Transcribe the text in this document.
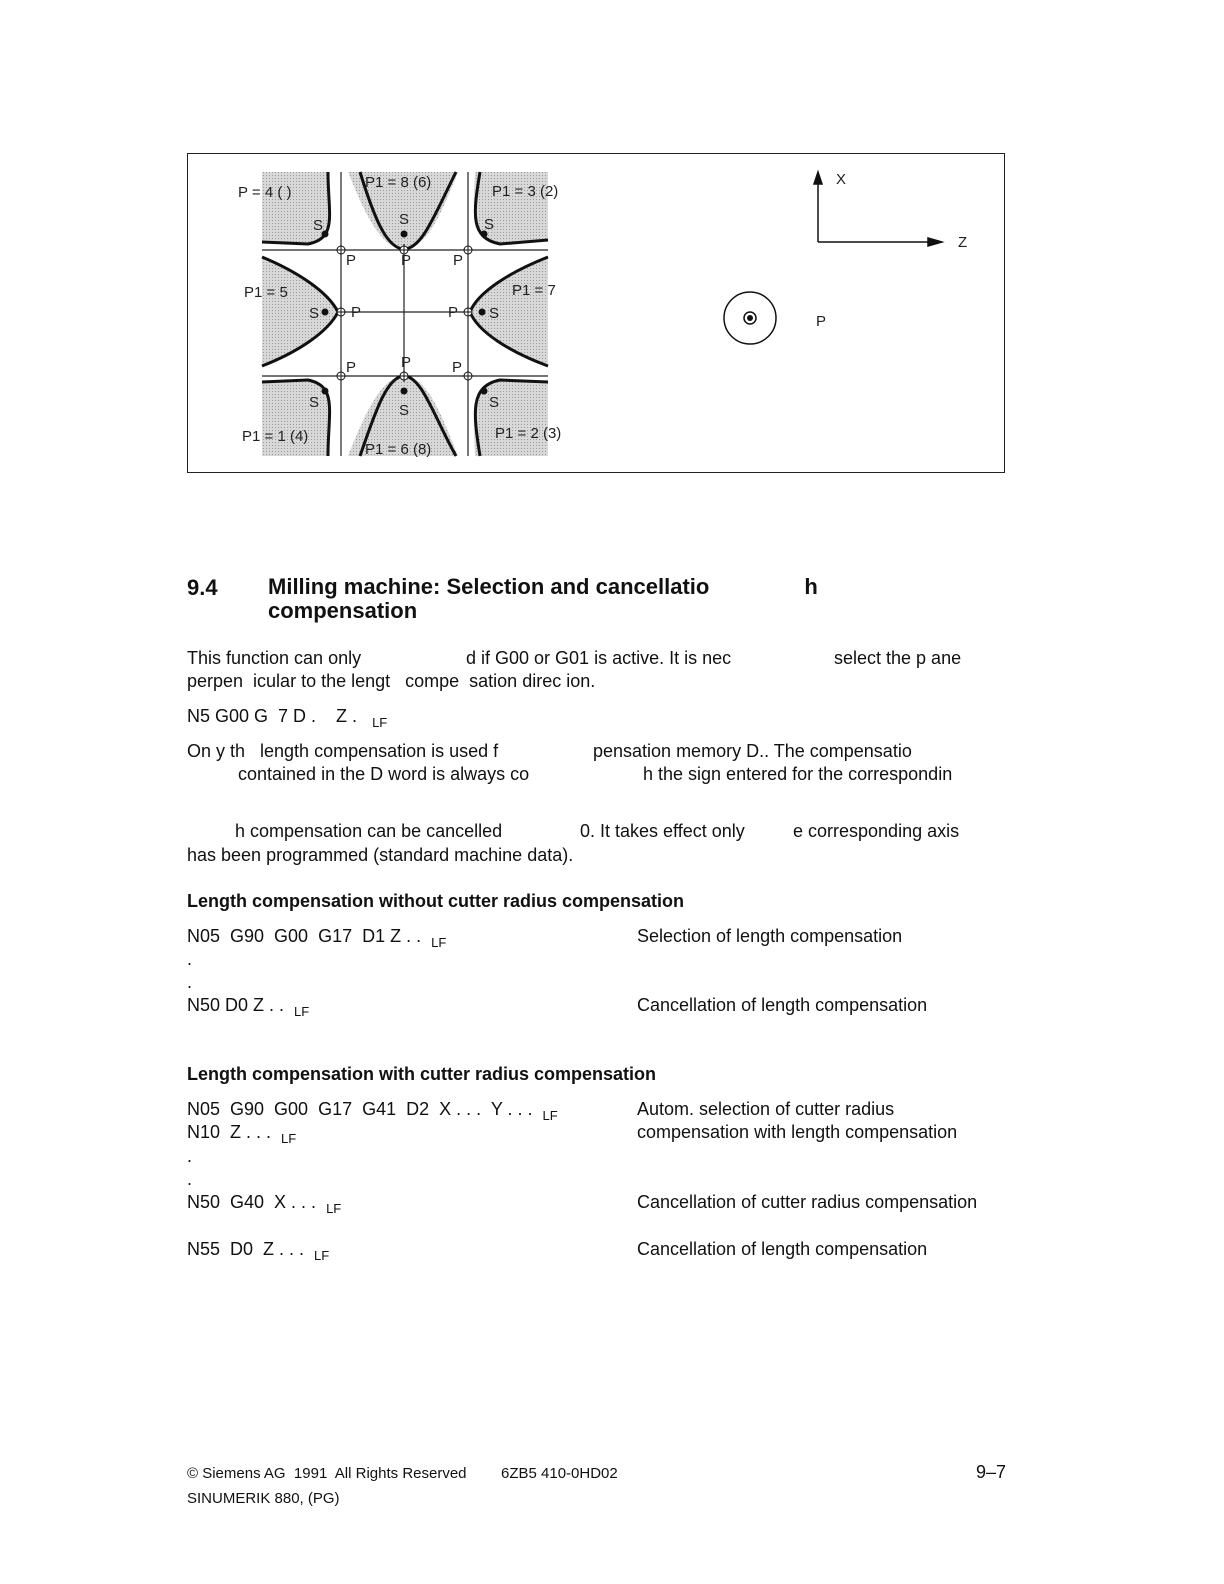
P = 4 ( )
P1 = 8 (6)
P1 = 3 (2)
P1 = 5	P1 = 7
P1 = 1 (4)
P1 = 6 (8)
P1 = 2 (3)
S	S	S
S	S
S	S	S
P	P	P
P	P
P	P	P
X
Z
P
9.4 Milling machine: Selection and cancellatio	h
compensation
This function can only	d if G00 or G01 is active. It is nec	select the p ane
perpen  icular to the lengt   compe  sation direc ion.
N5 G00 G  7 D .    Z .   $_{LF}$
On y th   length compensation is used f	pensation memory D.. The compensatio
contained in the D word is always co	h the sign entered for the correspondin
h compensation can be cancelled	0. It takes effect only	e corresponding axis
has been programmed (standard machine data).
Length compensation without cutter radius compensation
N05  G90  G00  G17  D1 Z . .  $_{LF}$	Selection of length compensation
.
.
N50 D0 Z . .  $_{LF}$	Cancellation of length compensation
Length compensation with cutter radius compensation
N05  G90  G00  G17  G41  D2  X . . .  Y . . .  $_{LF}$	Autom. selection of cutter radius
N10  Z . . .  $_{LF}$	compensation with length compensation
.
.
N50  G40  X . . .  $_{LF}$	Cancellation of cutter radius compensation
N55  D0  Z . . .  $_{LF}$	Cancellation of length compensation
© Siemens AG  1991  All Rights Reserved 6ZB5 410-0HD02
SINUMERIK 880, (PG)
9–7
